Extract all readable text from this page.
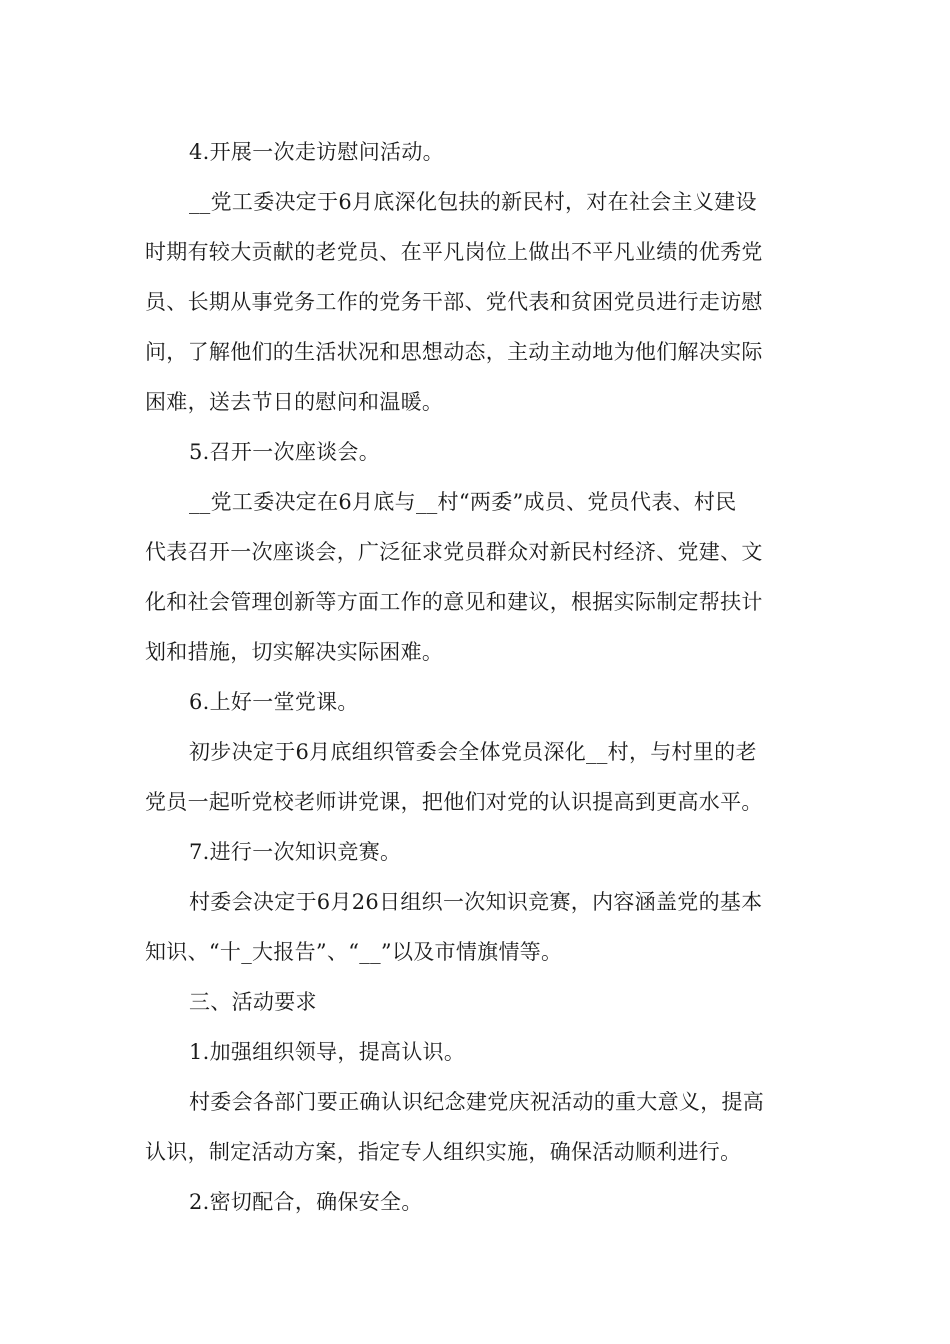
4.开展一次走访慰问活动。
__党工委决定于6月底深化包扶的新民村，对在社会主义建设
时期有较大贡献的老党员、在平凡岗位上做出不平凡业绩的优秀党
员、长期从事党务工作的党务干部、党代表和贫困党员进行走访慰
问，了解他们的生活状况和思想动态，主动主动地为他们解决实际
困难，送去节日的慰问和温暖。
5.召开一次座谈会。
__党工委决定在6月底与__村“两委”成员、党员代表、村民
代表召开一次座谈会，广泛征求党员群众对新民村经济、党建、文
化和社会管理创新等方面工作的意见和建议，根据实际制定帮扶计
划和措施，切实解决实际困难。
6.上好一堂党课。
初步决定于6月底组织管委会全体党员深化__村，与村里的老
党员一起听党校老师讲党课，把他们对党的认识提高到更高水平。
7.进行一次知识竞赛。
村委会决定于6月26日组织一次知识竞赛，内容涵盖党的基本
知识、“十_大报告”、“__”以及市情旗情等。
三、活动要求
1.加强组织领导，提高认识。
村委会各部门要正确认识纪念建党庆祝活动的重大意义，提高
认识，制定活动方案，指定专人组织实施，确保活动顺利进行。
2.密切配合，确保安全。
